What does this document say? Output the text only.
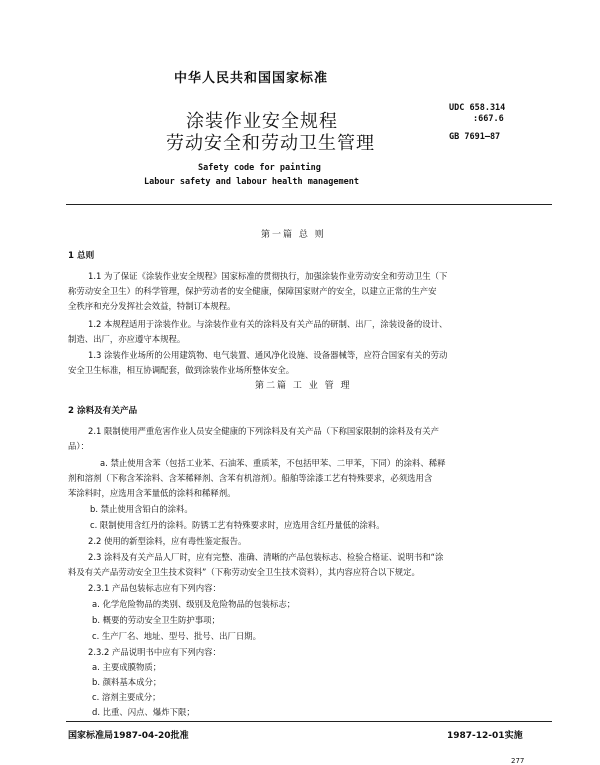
中华人民共和国国家标准
涂装作业安全规程
劳动安全和劳动卫生管理
UDC 658.314
:667.6
GB 7691—87
Safety code for painting
Labour safety and labour health management
第一篇 总 则
1 总则
1.1 为了保证《涂装作业安全规程》国家标准的贯彻执行，加强涂装作业劳动安全和劳动卫生（下
称劳动安全卫生）的科学管理，保护劳动者的安全健康，保障国家财产的安全，以建立正常的生产安
全秩序和充分发挥社会效益，特制订本规程。
1.2 本规程适用于涂装作业。与涂装作业有关的涂料及有关产品的研制、出厂，涂装设备的设计、
制造、出厂，亦应遵守本规程。
1.3 涂装作业场所的公用建筑物、电气装置、通风净化设施、设备器械等，应符合国家有关的劳动
安全卫生标准，相互协调配套，做到涂装作业场所整体安全。
第二篇 工 业 管 理
2 涂料及有关产品
2.1 限制使用严重危害作业人员安全健康的下列涂料及有关产品（下称国家限制的涂料及有关产
品）：
a. 禁止使用含苯（包括工业苯、石油苯、重质苯，不包括甲苯、二甲苯，下同）的涂料、稀释
剂和溶剂（下称含苯涂料、含苯稀释剂、含苯有机溶剂）。船舶等涂漆工艺有特殊要求，必须选用含
苯涂料时，应选用含苯量低的涂料和稀释剂。
b. 禁止使用含铅白的涂料。
c. 限制使用含红丹的涂料。防锈工艺有特殊要求时，应选用含红丹量低的涂料。
2.2 使用的新型涂料，应有毒性鉴定报告。
2.3 涂料及有关产品人厂时，应有完整、准确、清晰的产品包装标志、检验合格证、说明书和“涂
料及有关产品劳动安全卫生技术资料”（下称劳动安全卫生技术资料），其内容应符合以下规定。
2.3.1 产品包装标志应有下列内容：
a. 化学危险物品的类别、级别及危险物品的包装标志；
b. 概要的劳动安全卫生防护事项；
c. 生产厂名、地址、型号、批号、出厂日期。
2.3.2 产品说明书中应有下列内容：
a. 主要成膜物质；
b. 颜料基本成分；
c. 溶剂主要成分；
d. 比重、闪点、爆炸下限；
国家标准局1987-04-20批准	1987-12-01实施
277
